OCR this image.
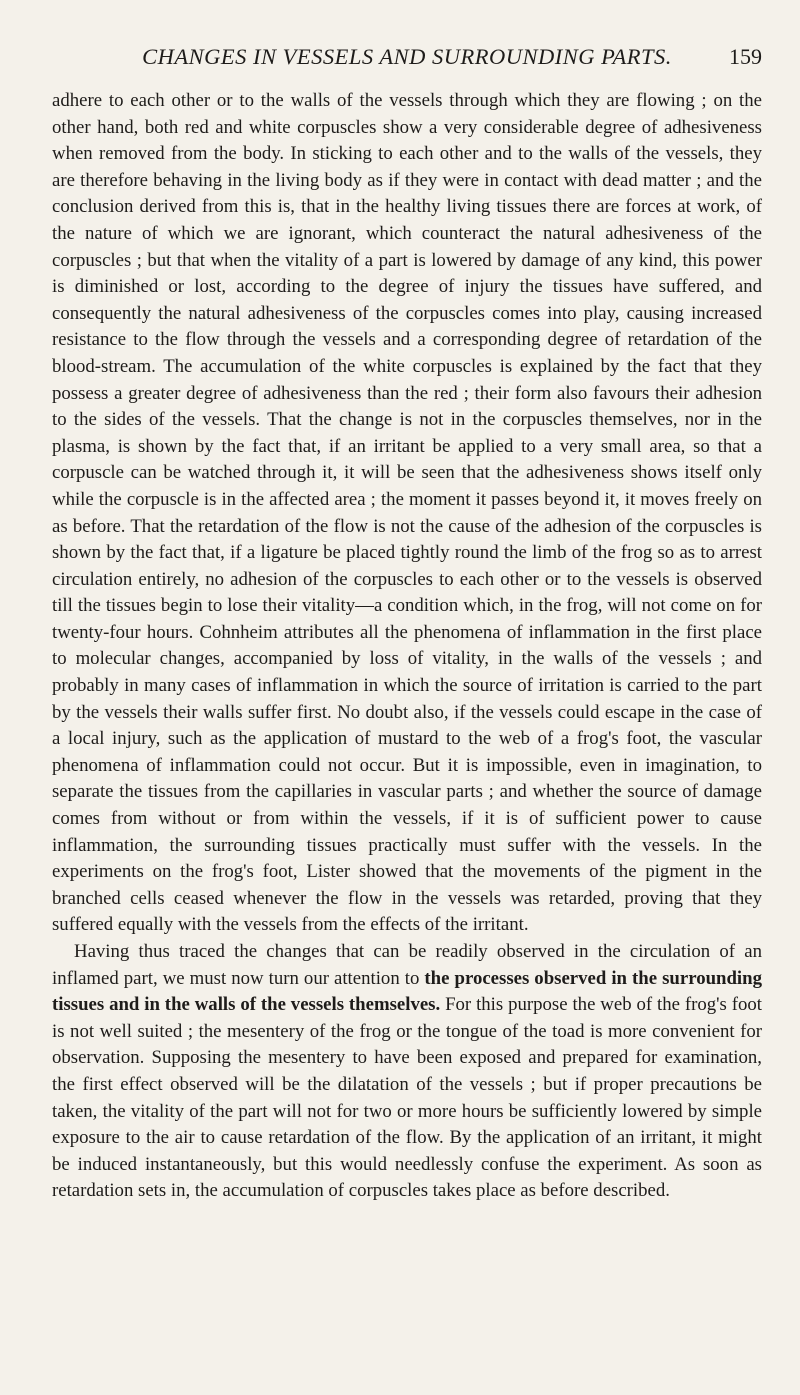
CHANGES IN VESSELS AND SURROUNDING PARTS.	159

adhere to each other or to the walls of the vessels through which they are flowing ; on the other hand, both red and white corpuscles show a very considerable degree of adhesiveness when removed from the body. In sticking to each other and to the walls of the vessels, they are therefore behaving in the living body as if they were in contact with dead matter ; and the conclusion derived from this is, that in the healthy living tissues there are forces at work, of the nature of which we are ignorant, which counteract the natural adhesiveness of the corpuscles ; but that when the vitality of a part is lowered by damage of any kind, this power is diminished or lost, according to the degree of injury the tissues have suffered, and consequently the natural adhesiveness of the corpuscles comes into play, causing increased resistance to the flow through the vessels and a corresponding degree of retardation of the blood-stream. The accumulation of the white corpuscles is explained by the fact that they possess a greater degree of adhesiveness than the red ; their form also favours their adhesion to the sides of the vessels. That the change is not in the corpuscles themselves, nor in the plasma, is shown by the fact that, if an irritant be applied to a very small area, so that a corpuscle can be watched through it, it will be seen that the adhesiveness shows itself only while the corpuscle is in the affected area ; the moment it passes beyond it, it moves freely on as before. That the retardation of the flow is not the cause of the adhesion of the corpuscles is shown by the fact that, if a ligature be placed tightly round the limb of the frog so as to arrest circulation entirely, no adhesion of the corpuscles to each other or to the vessels is observed till the tissues begin to lose their vitality—a condition which, in the frog, will not come on for twenty-four hours. Cohnheim attributes all the phenomena of inflammation in the first place to molecular changes, accompanied by loss of vitality, in the walls of the vessels ; and probably in many cases of inflammation in which the source of irritation is carried to the part by the vessels their walls suffer first. No doubt also, if the vessels could escape in the case of a local injury, such as the application of mustard to the web of a frog's foot, the vascular phenomena of inflammation could not occur. But it is impossible, even in imagination, to separate the tissues from the capillaries in vascular parts ; and whether the source of damage comes from without or from within the vessels, if it is of sufficient power to cause inflammation, the surrounding tissues practically must suffer with the vessels. In the experiments on the frog's foot, Lister showed that the movements of the pigment in the branched cells ceased whenever the flow in the vessels was retarded, proving that they suffered equally with the vessels from the effects of the irritant.

Having thus traced the changes that can be readily observed in the circulation of an inflamed part, we must now turn our attention to the processes observed in the surrounding tissues and in the walls of the vessels themselves. For this purpose the web of the frog's foot is not well suited ; the mesentery of the frog or the tongue of the toad is more convenient for observation. Supposing the mesentery to have been exposed and prepared for examination, the first effect observed will be the dilatation of the vessels ; but if proper precautions be taken, the vitality of the part will not for two or more hours be sufficiently lowered by simple exposure to the air to cause retardation of the flow. By the application of an irritant, it might be induced instantaneously, but this would needlessly confuse the experiment. As soon as retardation sets in, the accumulation of corpuscles takes place as before described.
